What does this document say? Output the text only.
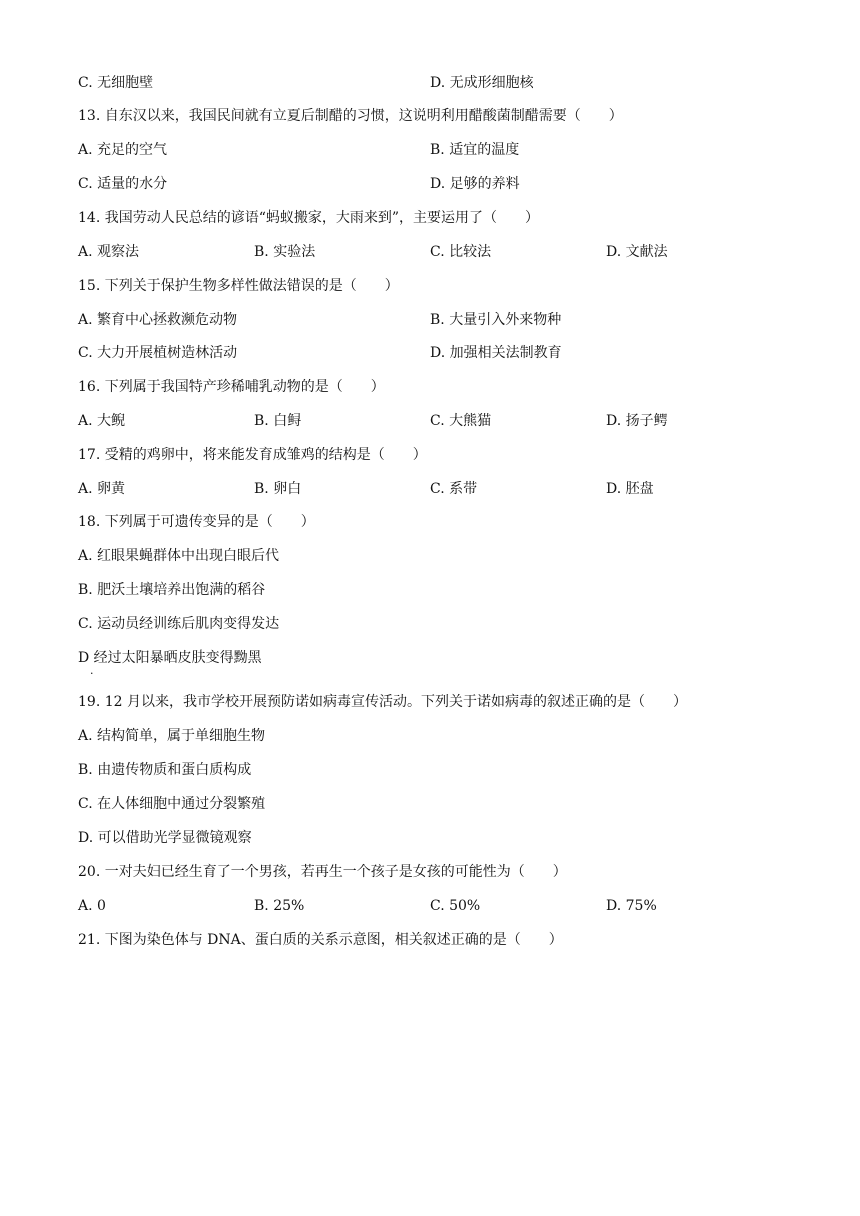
C. 无细胞壁	D. 无成形细胞核
13. 自东汉以来，我国民间就有立夏后制醋的习惯，这说明利用醋酸菌制醋需要（　　）
A. 充足的空气	B. 适宜的温度
C. 适量的水分	D. 足够的养料
14. 我国劳动人民总结的谚语“蚂蚁搬家，大雨来到”，主要运用了（　　）
A. 观察法	B. 实验法	C. 比较法	D. 文献法
15. 下列关于保护生物多样性做法错误的是（　　）
A. 繁育中心拯救濒危动物	B. 大量引入外来物种
C. 大力开展植树造林活动	D. 加强相关法制教育
16. 下列属于我国特产珍稀哺乳动物的是（　　）
A. 大鲵	B. 白鲟	C. 大熊猫	D. 扬子鳄
17. 受精的鸡卵中，将来能发育成雏鸡的结构是（　　）
A. 卵黄	B. 卵白	C. 系带	D. 胚盘
18. 下列属于可遗传变异的是（　　）
A. 红眼果蝇群体中出现白眼后代
B. 肥沃土壤培养出饱满的稻谷
C. 运动员经训练后肌肉变得发达
D 经过太阳暴晒皮肤变得黝黑
·
19. 12 月以来，我市学校开展预防诺如病毒宣传活动。下列关于诺如病毒的叙述正确的是（　　）
A. 结构简单，属于单细胞生物
B. 由遗传物质和蛋白质构成
C. 在人体细胞中通过分裂繁殖
D. 可以借助光学显微镜观察
20. 一对夫妇已经生育了一个男孩，若再生一个孩子是女孩的可能性为（　　）
A. 0	B. 25%	C. 50%	D. 75%
21. 下图为染色体与 DNA、蛋白质的关系示意图，相关叙述正确的是（　　）
